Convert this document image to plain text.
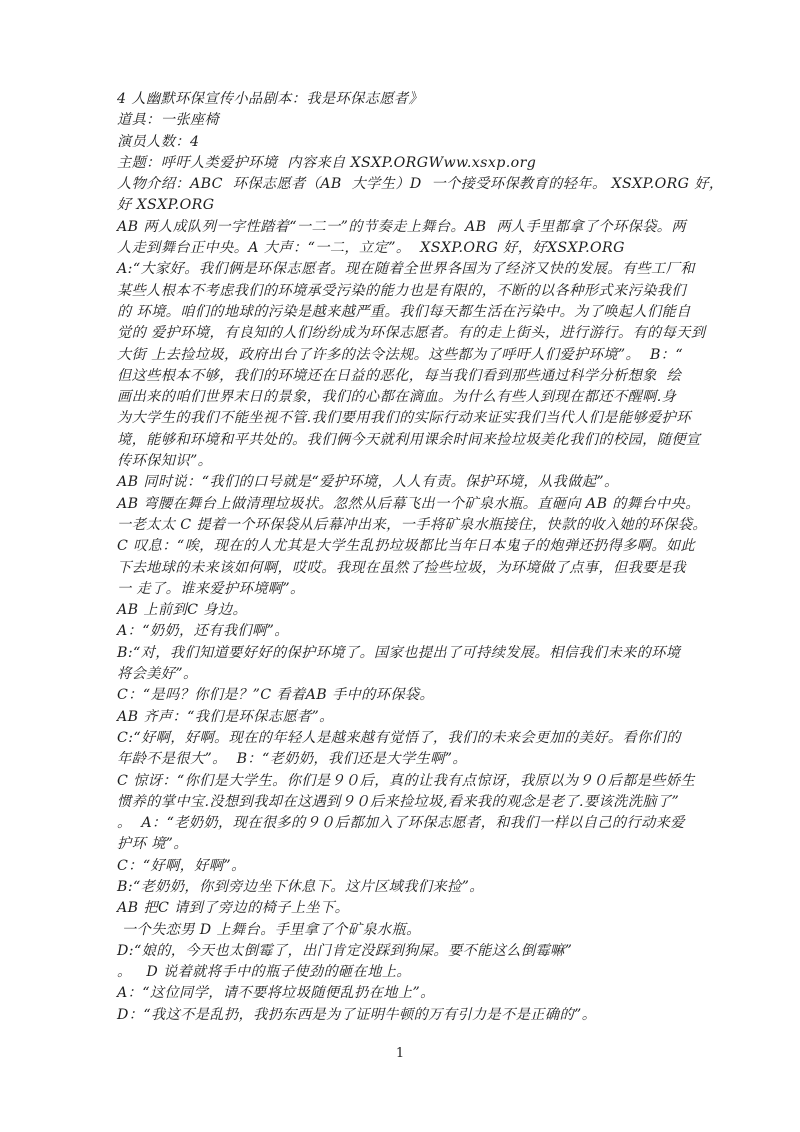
4 人幽默环保宣传小品剧本：我是环保志愿者》
道具：一张座椅
演员人数：4
主题：呼吁人类爱护环境  内容来自 XSXP.ORGWww.xsxp.org
人物介绍：ABC  环保志愿者（AB  大学生）D  一个接受环保教育的轻年。 XSXP.ORG 好，
好 XSXP.ORG
AB 两人成队列一字性踏着“一二一”的节奏走上舞台。AB  两人手里都拿了个环保袋。两
人走到舞台正中央。A 大声：“一二，立定”。  XSXP.ORG 好，好XSXP.ORG
A:“大家好。我们俩是环保志愿者。现在随着全世界各国为了经济又快的发展。有些工厂和
某些人根本不考虑我们的环境承受污染的能力也是有限的，不断的以各种形式来污染我们
的 环境。咱们的地球的污染是越来越严重。我们每天都生活在污染中。为了唤起人们能自
觉的 爱护环境，有良知的人们纷纷成为环保志愿者。有的走上街头，进行游行。有的每天到
大街 上去捡垃圾，政府出台了许多的法令法规。这些都为了呼吁人们爱护环境”。  B：“
但这些根本不够，我们的环境还在日益的恶化，每当我们看到那些通过科学分析想象  绘
画出来的咱们世界末日的景象，我们的心都在滴血。为什么有些人到现在都还不醒啊.身
为大学生的我们不能坐视不管.我们要用我们的实际行动来证实我们当代人们是能够爱护环
境，能够和环境和平共处的。我们俩今天就利用课余时间来捡垃圾美化我们的校园，随便宣
传环保知识”。
AB 同时说：“我们的口号就是“爱护环境，人人有责。保护环境，从我做起”。
AB 弯腰在舞台上做清理垃圾状。忽然从后幕飞出一个矿泉水瓶。直砸向 AB 的舞台中央。
一老太太 C 提着一个环保袋从后幕冲出来，一手将矿泉水瓶接住，快款的收入她的环保袋。
C 叹息：“唉，现在的人尤其是大学生乱扔垃圾都比当年日本鬼子的炮弹还扔得多啊。如此
下去地球的未来该如何啊，哎哎。我现在虽然了捡些垃圾，为环境做了点事，但我要是我
一 走了。谁来爱护环境啊”。
AB 上前到C 身边。
A：“奶奶，还有我们啊”。
B:“对，我们知道要好好的保护环境了。国家也提出了可持续发展。相信我们未来的环境
将会美好”。
C：“是吗？你们是？”C 看着AB 手中的环保袋。
AB 齐声：“我们是环保志愿者”。
C:“好啊，好啊。现在的年轻人是越来越有觉悟了，我们的未来会更加的美好。看你们的
年龄不是很大”。  B：“老奶奶，我们还是大学生啊”。
C 惊讶：“你们是大学生。你们是９０后，真的让我有点惊讶，我原以为９０后都是些娇生
惯养的掌中宝.没想到我却在这遇到９０后来捡垃圾,看来我的观念是老了.要该洗洗脑了”
。  A：“老奶奶，现在很多的９０后都加入了环保志愿者，和我们一样以自己的行动来爱
护环 境”。
C：“好啊，好啊”。
B:“老奶奶，你到旁边坐下休息下。这片区域我们来捡”。
AB 把C 请到了旁边的椅子上坐下。
一个失恋男 D 上舞台。手里拿了个矿泉水瓶。
D:“娘的，今天也太倒霉了，出门肯定没踩到狗屎。要不能这么倒霉嘛”
。   D 说着就将手中的瓶子使劲的砸在地上。
A：“这位同学，请不要将垃圾随便乱扔在地上”。
D：“我这不是乱扔，我扔东西是为了证明牛顿的万有引力是不是正确的”。
1
